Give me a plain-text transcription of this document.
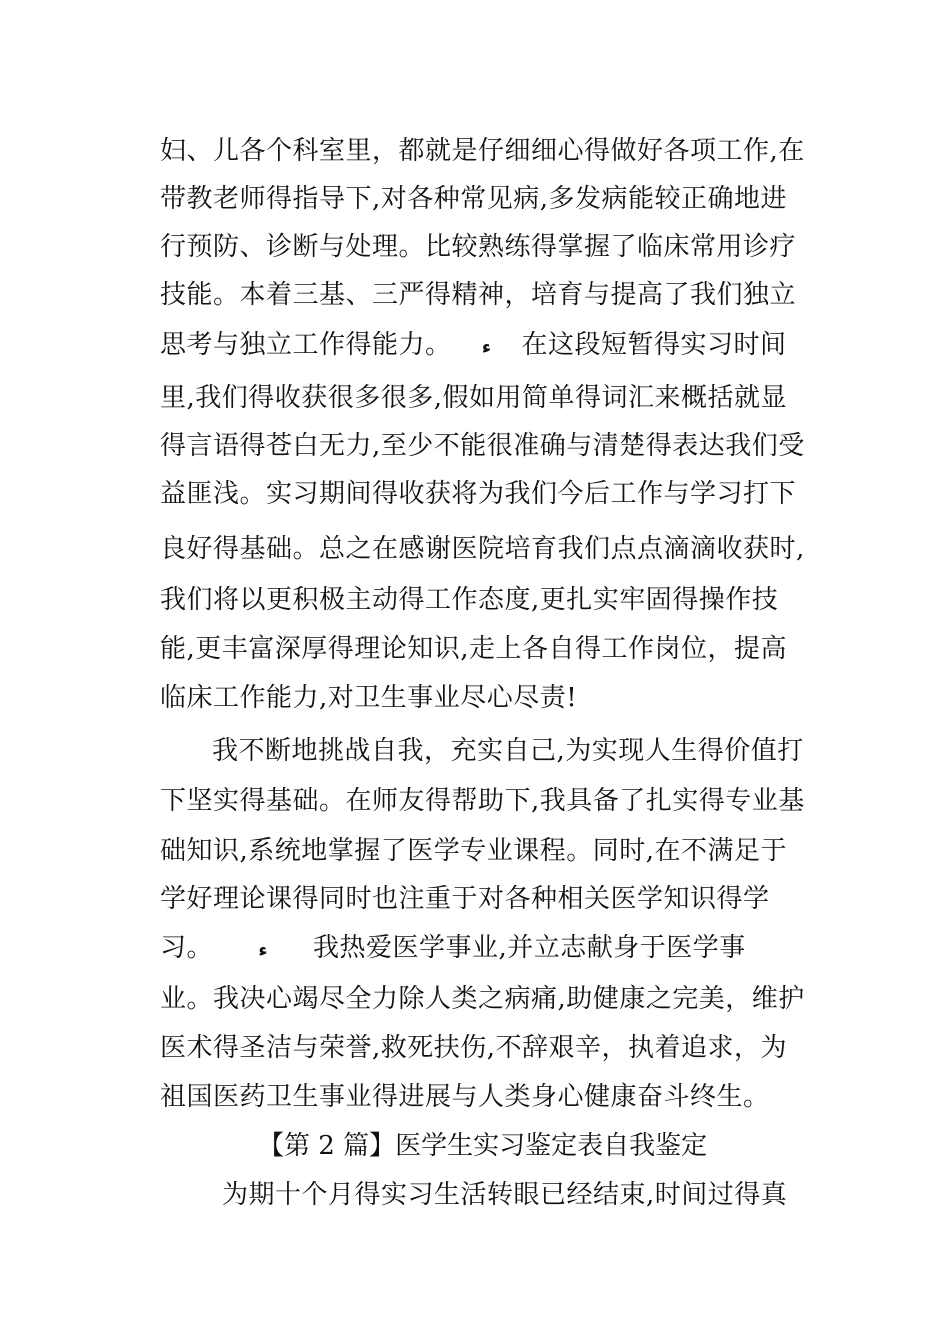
妇、儿各个科室里，都就是仔细细心得做好各项工作,在
带教老师得指导下,对各种常见病,多发病能较正确地进
行预防、诊断与处理。比较熟练得掌握了临床常用诊疗
技能。本着三基、三严得精神，培育与提高了我们独立
思考与独立工作得能力。 ء 在这段短暂得实习时间
里,我们得收获很多很多,假如用简单得词汇来概括就显
得言语得苍白无力,至少不能很准确与清楚得表达我们受
益匪浅。实习期间得收获将为我们今后工作与学习打下
良好得基础。总之在感谢医院培育我们点点滴滴收获时,
我们将以更积极主动得工作态度,更扎实牢固得操作技
能,更丰富深厚得理论知识,走上各自得工作岗位，提高
临床工作能力,对卫生事业尽心尽责!
我不断地挑战自我，充实自己,为实现人生得价值打
下坚实得基础。在师友得帮助下,我具备了扎实得专业基
础知识,系统地掌握了医学专业课程。同时,在不满足于
学好理论课得同时也注重于对各种相关医学知识得学
习。	ء 我热爱医学事业,并立志献身于医学事
业。我决心竭尽全力除人类之病痛,助健康之完美，维护
医术得圣洁与荣誉,救死扶伤,不辞艰辛，执着追求，为
祖国医药卫生事业得进展与人类身心健康奋斗终生。
【第 2 篇】医学生实习鉴定表自我鉴定
为期十个月得实习生活转眼已经结束,时间过得真
